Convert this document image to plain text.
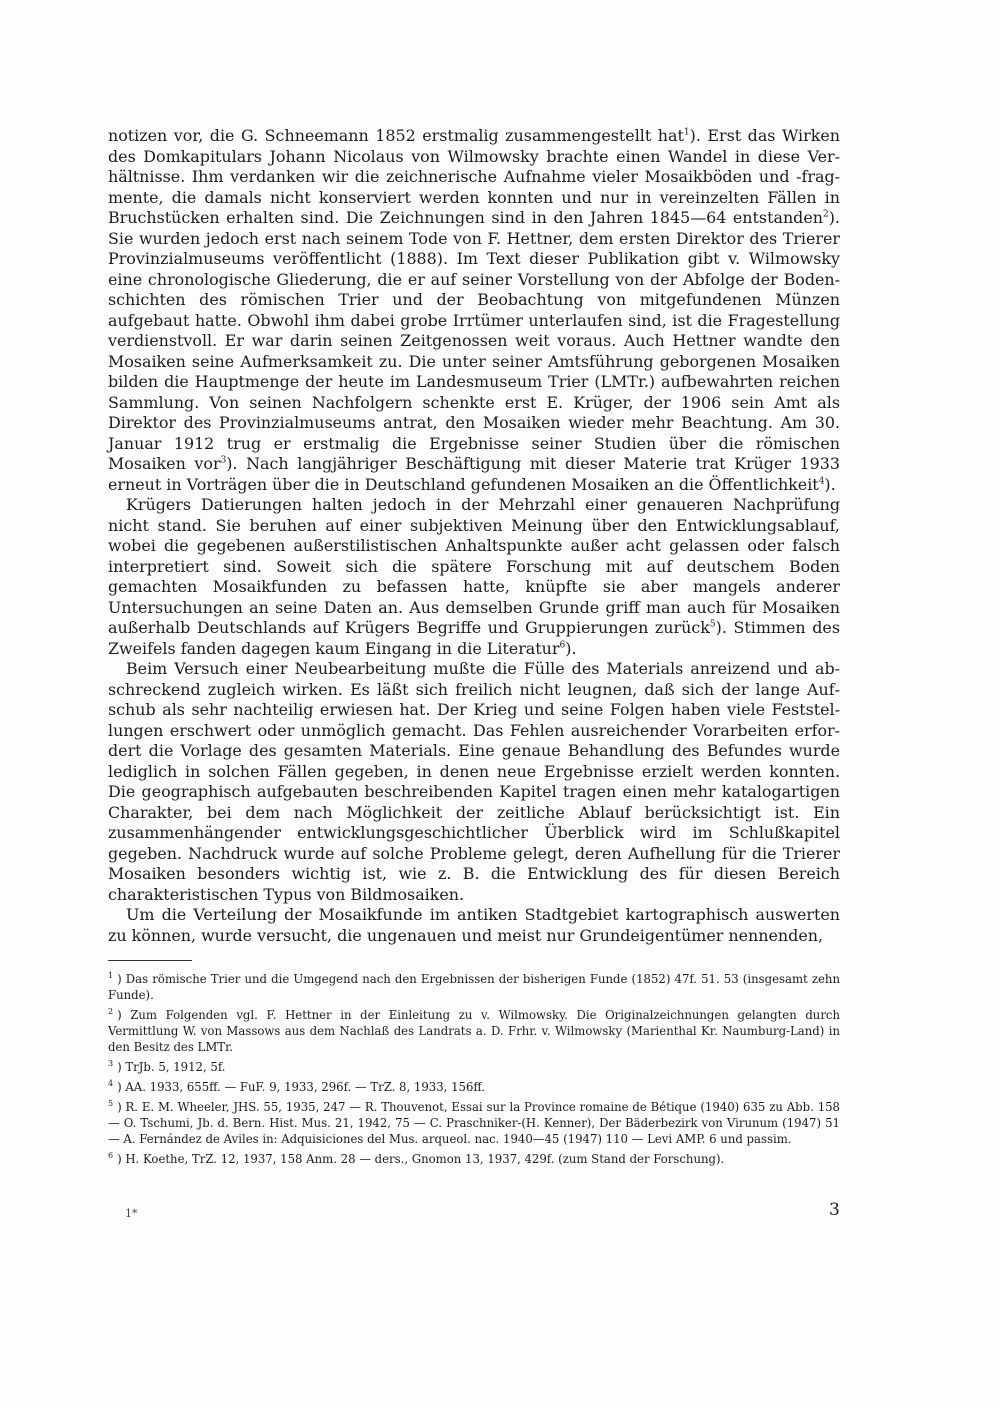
notizen vor, die G. Schneemann 1852 erstmalig zusammengestellt hat$^1$). Erst das Wirken des Domkapitulars Johann Nicolaus von Wilmowsky brachte einen Wandel in diese Verhältnisse. Ihm verdanken wir die zeichnerische Aufnahme vieler Mosaikböden und -fragmente, die damals nicht konserviert werden konnten und nur in vereinzelten Fällen in Bruchstücken erhalten sind. Die Zeichnungen sind in den Jahren 1845—64 entstanden$^2$). Sie wurden jedoch erst nach seinem Tode von F. Hettner, dem ersten Direktor des Trierer Provinzialmuseums veröffentlicht (1888). Im Text dieser Publikation gibt v. Wilmowsky eine chronologische Gliederung, die er auf seiner Vorstellung von der Abfolge der Bodenschichten des römischen Trier und der Beobachtung von mitgefundenen Münzen aufgebaut hatte. Obwohl ihm dabei grobe Irrtümer unterlaufen sind, ist die Fragestellung verdienstvoll. Er war darin seinen Zeitgenossen weit voraus. Auch Hettner wandte den Mosaiken seine Aufmerksamkeit zu. Die unter seiner Amtsführung geborgenen Mosaiken bilden die Hauptmenge der heute im Landesmuseum Trier (LMTr.) aufbewahrten reichen Sammlung. Von seinen Nachfolgern schenkte erst E. Krüger, der 1906 sein Amt als Direktor des Provinzialmuseums antrat, den Mosaiken wieder mehr Beachtung. Am 30. Januar 1912 trug er erstmalig die Ergebnisse seiner Studien über die römischen Mosaiken vor$^3$). Nach langjähriger Beschäftigung mit dieser Materie trat Krüger 1933 erneut in Vorträgen über die in Deutschland gefundenen Mosaiken an die Öffentlichkeit$^4$).

Krügers Datierungen halten jedoch in der Mehrzahl einer genaueren Nachprüfung nicht stand. Sie beruhen auf einer subjektiven Meinung über den Entwicklungsablauf, wobei die gegebenen außerstilistischen Anhaltspunkte außer acht gelassen oder falsch interpretiert sind. Soweit sich die spätere Forschung mit auf deutschem Boden gemachten Mosaikfunden zu befassen hatte, knüpfte sie aber mangels anderer Untersuchungen an seine Daten an. Aus demselben Grunde griff man auch für Mosaiken außerhalb Deutschlands auf Krügers Begriffe und Gruppierungen zurück$^5$). Stimmen des Zweifels fanden dagegen kaum Eingang in die Literatur$^6$).

Beim Versuch einer Neubearbeitung mußte die Fülle des Materials anreizend und abschreckend zugleich wirken. Es läßt sich freilich nicht leugnen, daß sich der lange Aufschub als sehr nachteilig erwiesen hat. Der Krieg und seine Folgen haben viele Feststellungen erschwert oder unmöglich gemacht. Das Fehlen ausreichender Vorarbeiten erfordert die Vorlage des gesamten Materials. Eine genaue Behandlung des Befundes wurde lediglich in solchen Fällen gegeben, in denen neue Ergebnisse erzielt werden konnten. Die geographisch aufgebauten beschreibenden Kapitel tragen einen mehr katalogartigen Charakter, bei dem nach Möglichkeit der zeitliche Ablauf berücksichtigt ist. Ein zusammenhängender entwicklungsgeschichtlicher Überblick wird im Schlußkapitel gegeben. Nachdruck wurde auf solche Probleme gelegt, deren Aufhellung für die Trierer Mosaiken besonders wichtig ist, wie z. B. die Entwicklung des für diesen Bereich charakteristischen Typus von Bildmosaiken.

Um die Verteilung der Mosaikfunde im antiken Stadtgebiet kartographisch auswerten zu können, wurde versucht, die ungenauen und meist nur Grundeigentümer nennenden,

$^1$ ) Das römische Trier und die Umgegend nach den Ergebnissen der bisherigen Funde (1852) 47f. 51. 53 (insgesamt zehn Funde).

$^2$ ) Zum Folgenden vgl. F. Hettner in der Einleitung zu v. Wilmowsky. Die Originalzeichnungen gelangten durch Vermittlung W. von Massows aus dem Nachlaß des Landrats a. D. Frhr. v. Wilmowsky (Marienthal Kr. Naumburg-Land) in den Besitz des LMTr.

$^3$ ) TrJb. 5, 1912, 5f.

$^4$ ) AA. 1933, 655ff. — FuF. 9, 1933, 296f. — TrZ. 8, 1933, 156ff.

$^5$ ) R. E. M. Wheeler, JHS. 55, 1935, 247 — R. Thouvenot, Essai sur la Province romaine de Bétique (1940) 635 zu Abb. 158 — O. Tschumi, Jb. d. Bern. Hist. Mus. 21, 1942, 75 — C. Praschniker-(H. Kenner), Der Bäderbezirk von Virunum (1947) 51 — A. Fernández de Aviles in: Adquisiciones del Mus. arqueol. nac. 1940—45 (1947) 110 — Levi AMP. 6 und passim.

$^6$ ) H. Koethe, TrZ. 12, 1937, 158 Anm. 28 — ders., Gnomon 13, 1937, 429f. (zum Stand der Forschung).

1*	3
